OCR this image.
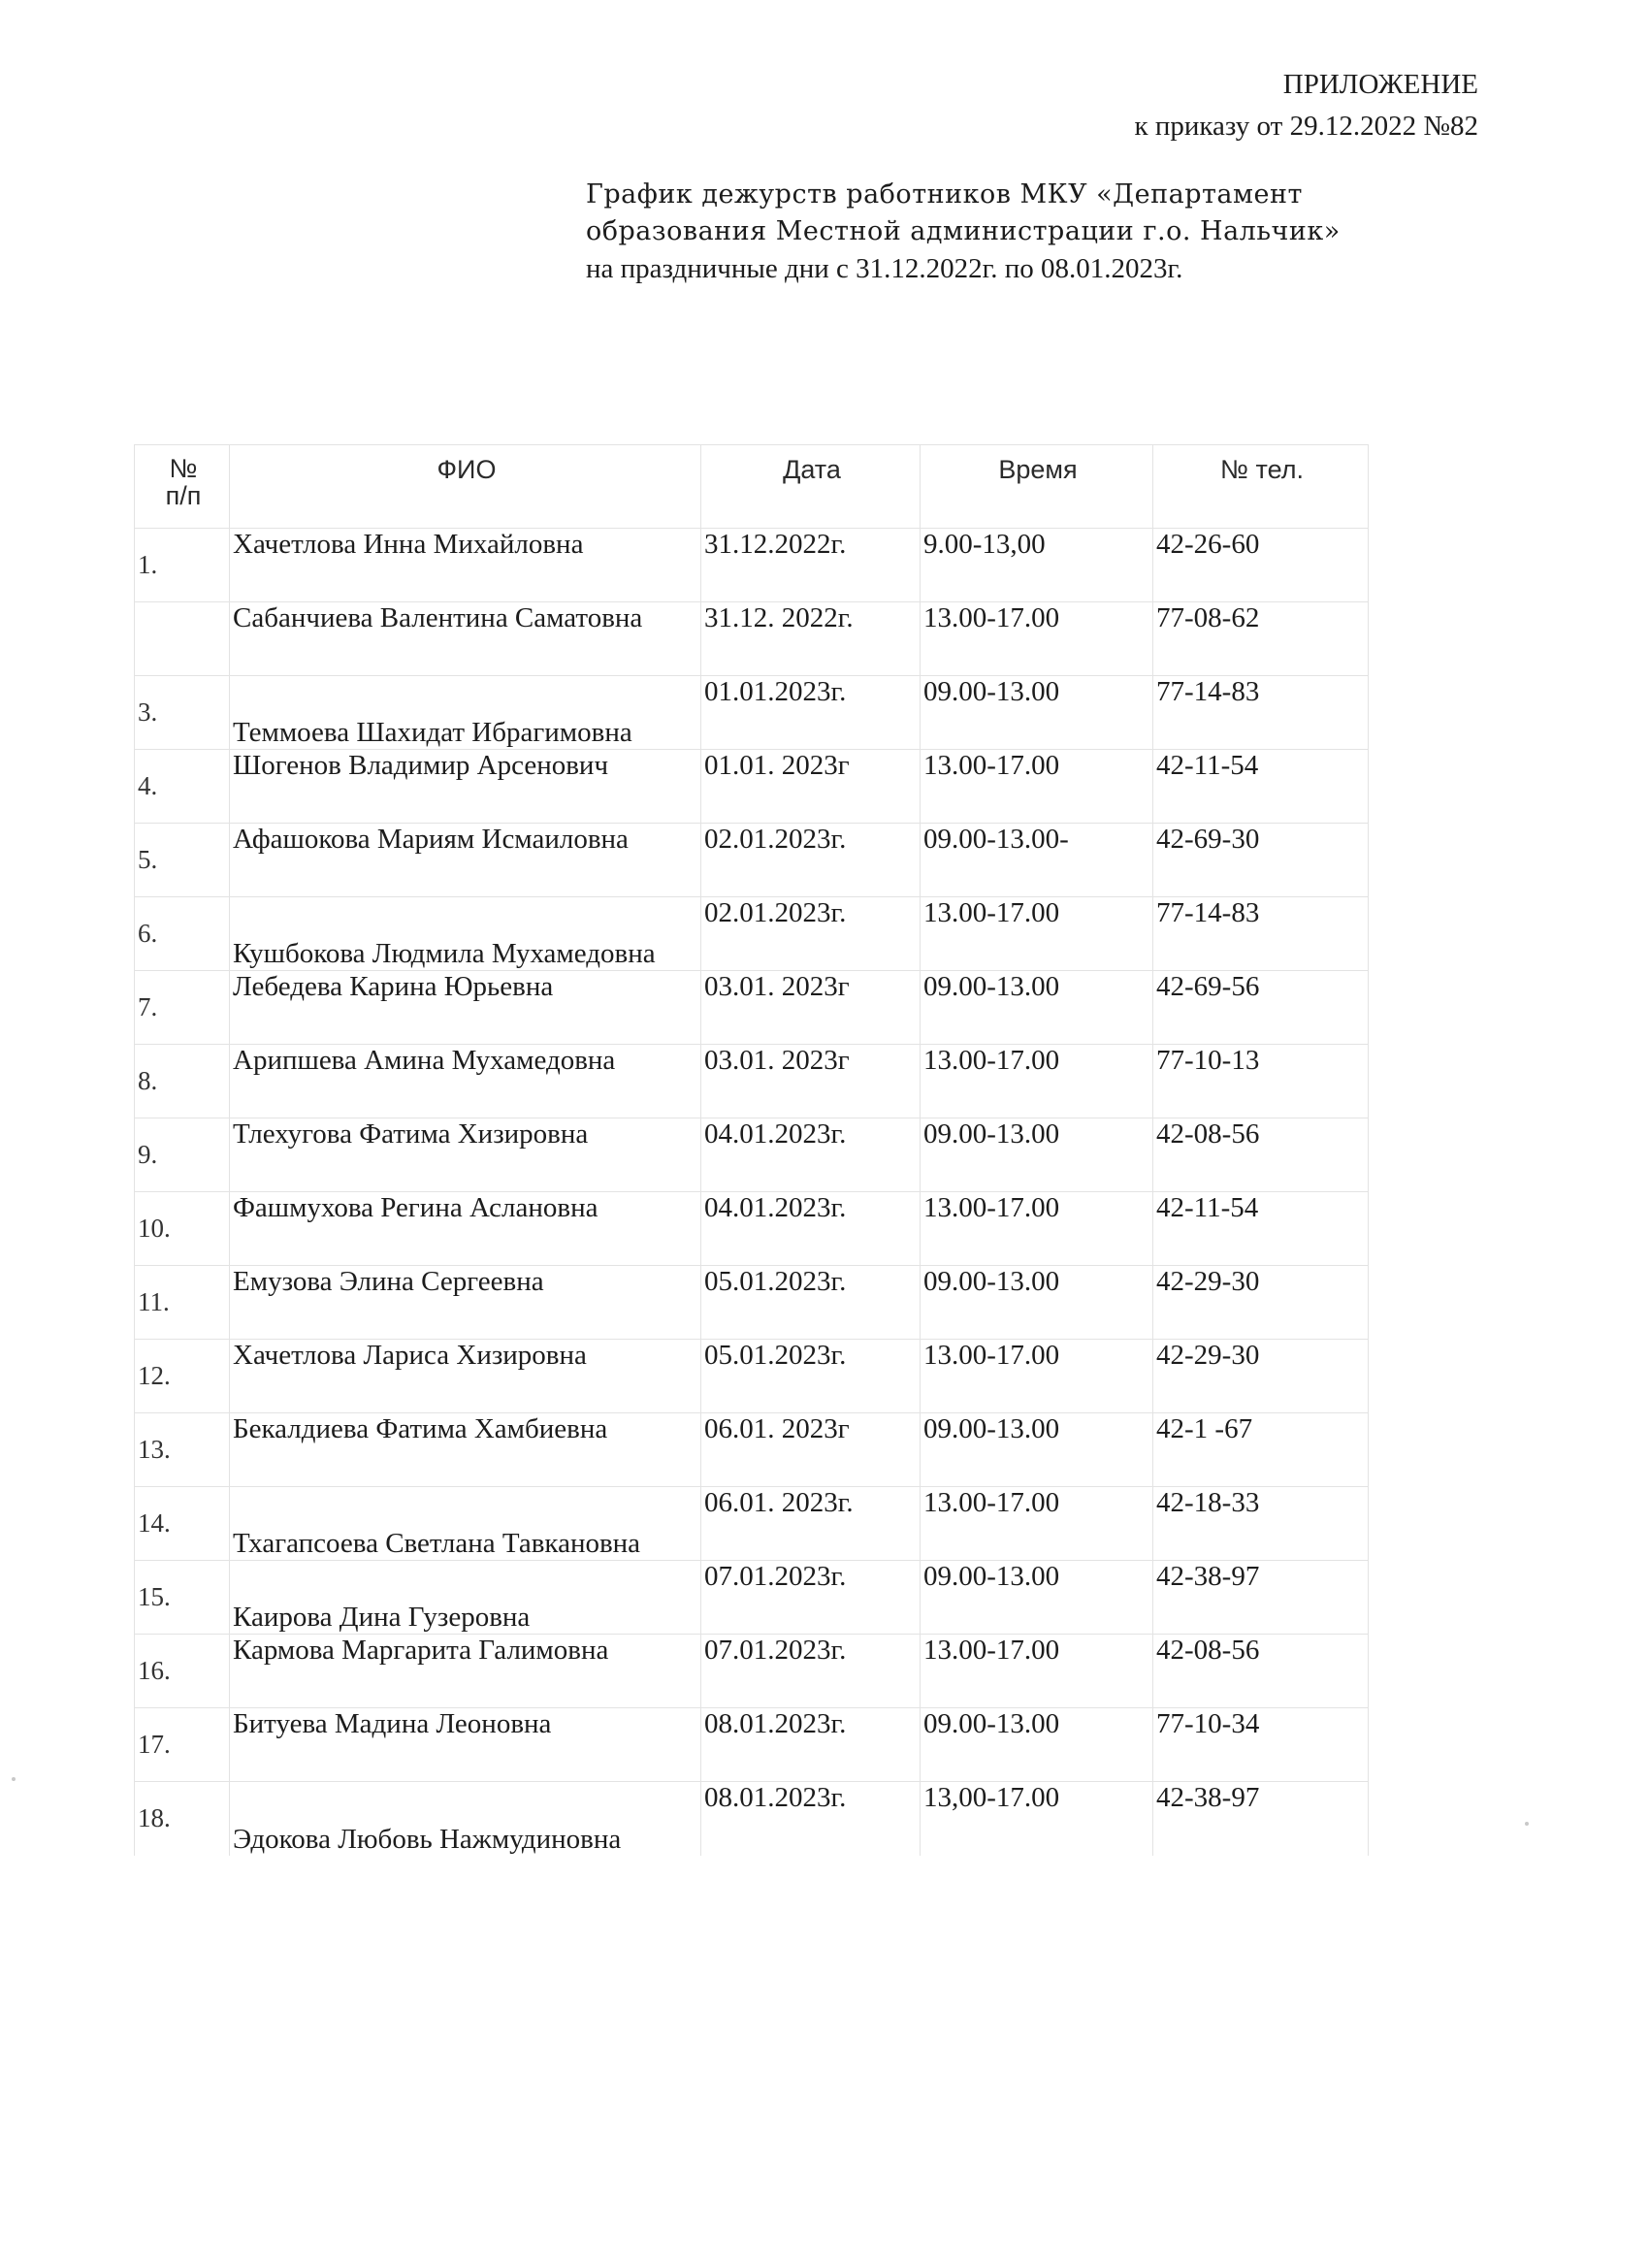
ПРИЛОЖЕНИЕ
к приказу от 29.12.2022 №82
График дежурств работников МКУ «Департамент
образования Местной администрации г.о. Нальчик»
на праздничные дни с 31.12.2022г. по 08.01.2023г.
№
п/п	ФИО	Дата	Время	№ тел.
1.	Хачетлова Инна Михайловна	31.12.2022г.	9.00-13,00	42-26-60
	Сабанчиева Валентина Саматовна	31.12. 2022г.	13.00-17.00	77-08-62
3.	Теммоева Шахидат Ибрагимовна	01.01.2023г.	09.00-13.00	77-14-83
4.	Шогенов Владимир Арсенович	01.01. 2023г	13.00-17.00	42-11-54
5.	Афашокова Мариям Исмаиловна	02.01.2023г.	09.00-13.00-	42-69-30
6.	Кушбокова Людмила Мухамедовна	02.01.2023г.	13.00-17.00	77-14-83
7.	Лебедева Карина Юрьевна	03.01. 2023г	09.00-13.00	42-69-56
8.	Арипшева Амина Мухамедовна	03.01. 2023г	13.00-17.00	77-10-13
9.	Тлехугова Фатима Хизировна	04.01.2023г.	09.00-13.00	42-08-56
10.	Фашмухова Регина Аслановна	04.01.2023г.	13.00-17.00	42-11-54
11.	Емузова Элина Сергеевна	05.01.2023г.	09.00-13.00	42-29-30
12.	Хачетлова Лариса Хизировна	05.01.2023г.	13.00-17.00	42-29-30
13.	Бекалдиева Фатима Хамбиевна	06.01. 2023г	09.00-13.00	42-1 -67
14.	Тхагапсоева Светлана Тавкановна	06.01. 2023г.	13.00-17.00	42-18-33
15.	Каирова Дина Гузеровна	07.01.2023г.	09.00-13.00	42-38-97
16.	Кармова Маргарита Галимовна	07.01.2023г.	13.00-17.00	42-08-56
17.	Битуева Мадина Леоновна	08.01.2023г.	09.00-13.00	77-10-34
18.	Эдокова Любовь Нажмудиновна	08.01.2023г.	13,00-17.00	42-38-97
